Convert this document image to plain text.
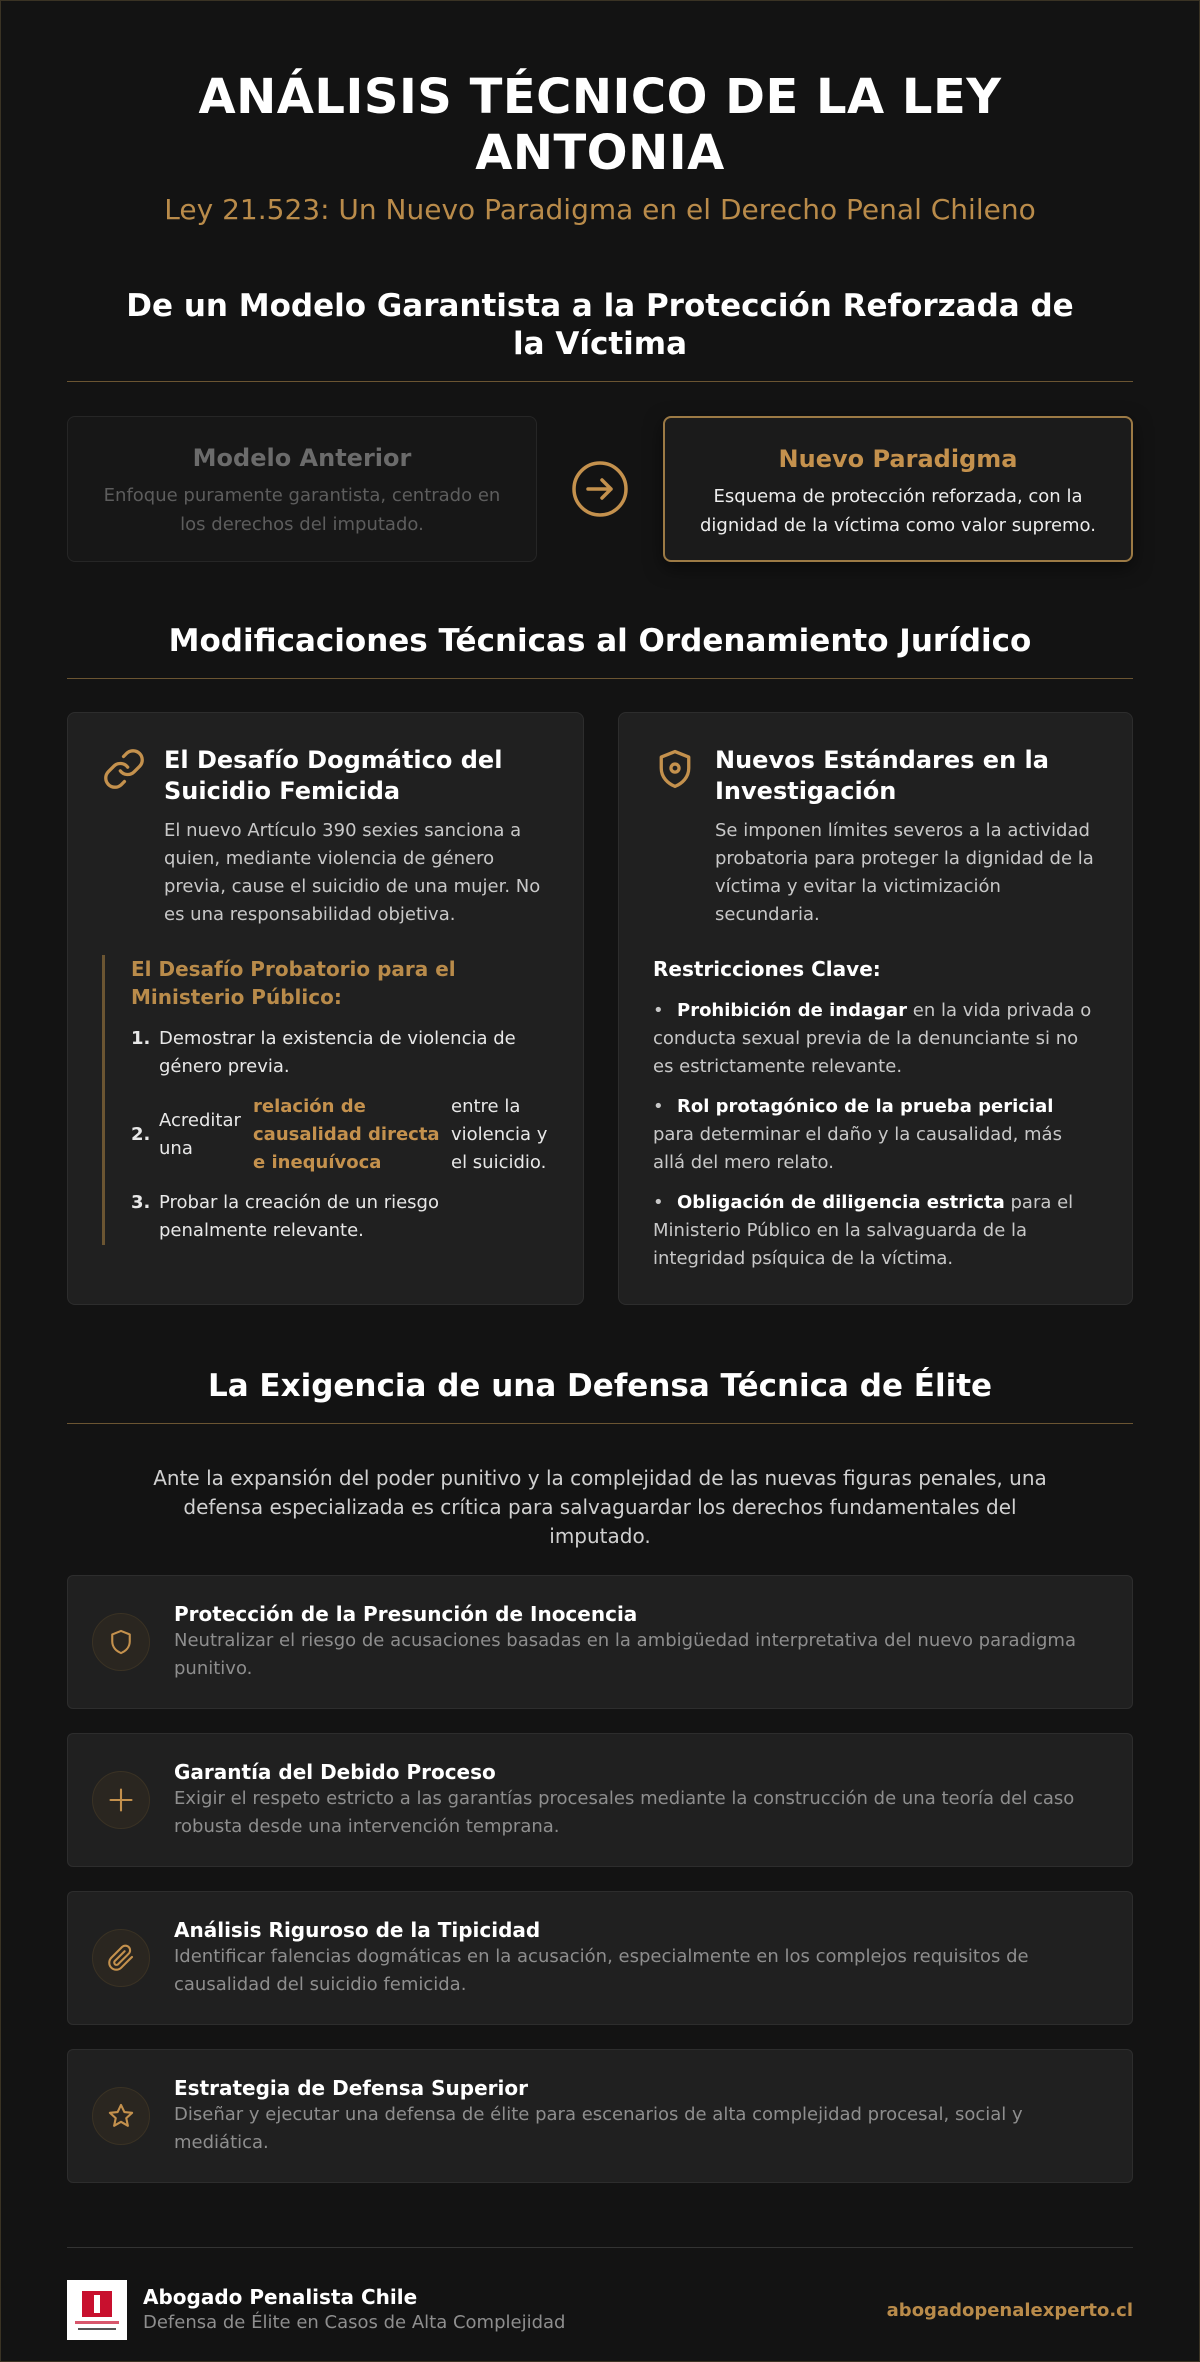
ANÁLISIS TÉCNICO DE LA LEY ANTONIA
Ley 21.523: Un Nuevo Paradigma en el Derecho Penal Chileno
De un Modelo Garantista a la Protección Reforzada de la Víctima
Modelo Anterior
Enfoque puramente garantista, centrado en los derechos del imputado.
Nuevo Paradigma
Esquema de protección reforzada, con la dignidad de la víctima como valor supremo.
Modificaciones Técnicas al Ordenamiento Jurídico
El Desafío Dogmático del Suicidio Femicida
El nuevo Artículo 390 sexies sanciona a quien, mediante violencia de género previa, cause el suicidio de una mujer. No es una responsabilidad objetiva.
El Desafío Probatorio para el Ministerio Público:
1. Demostrar la existencia de violencia de género previa.
2.
Acreditar una
relación de causalidad directa e inequívoca
entre la violencia y el suicidio.
3. Probar la creación de un riesgo penalmente relevante.
Nuevos Estándares en la Investigación
Se imponen límites severos a la actividad probatoria para proteger la dignidad de la víctima y evitar la victimización secundaria.
Restricciones Clave:
• Prohibición de indagar en la vida privada o conducta sexual previa de la denunciante si no es estrictamente relevante.
• Rol protagónico de la prueba pericial para determinar el daño y la causalidad, más allá del mero relato.
• Obligación de diligencia estricta para el Ministerio Público en la salvaguarda de la integridad psíquica de la víctima.
La Exigencia de una Defensa Técnica de Élite
Ante la expansión del poder punitivo y la complejidad de las nuevas figuras penales, una defensa especializada es crítica para salvaguardar los derechos fundamentales del imputado.
Protección de la Presunción de Inocencia
Neutralizar el riesgo de acusaciones basadas en la ambigüedad interpretativa del nuevo paradigma punitivo.
Garantía del Debido Proceso
Exigir el respeto estricto a las garantías procesales mediante la construcción de una teoría del caso robusta desde una intervención temprana.
Análisis Riguroso de la Tipicidad
Identificar falencias dogmáticas en la acusación, especialmente en los complejos requisitos de causalidad del suicidio femicida.
Estrategia de Defensa Superior
Diseñar y ejecutar una defensa de élite para escenarios de alta complejidad procesal, social y mediática.
Abogado Penalista Chile
Defensa de Élite en Casos de Alta Complejidad
abogadopenalexperto.cl
